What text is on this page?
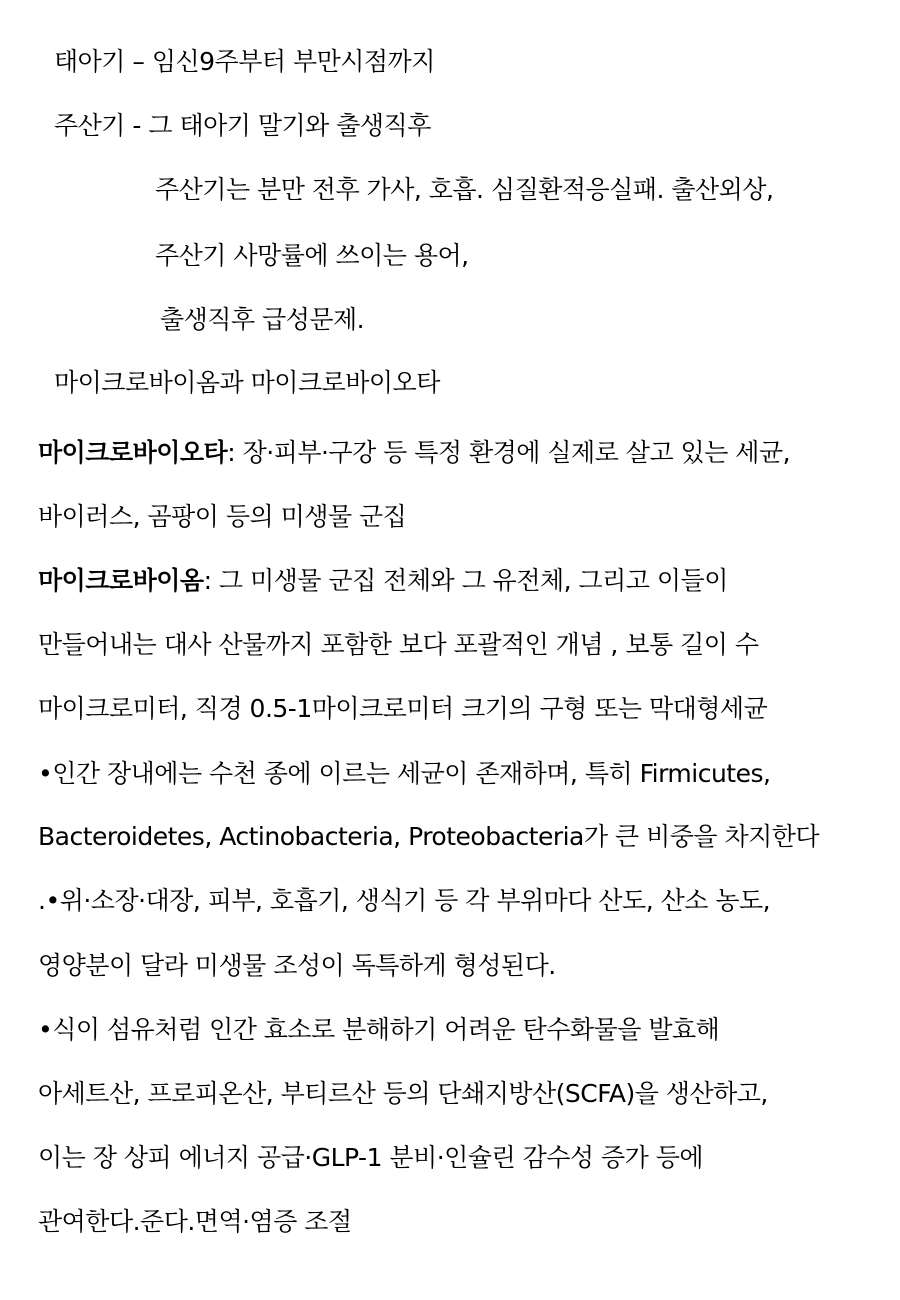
태아기 – 임신9주부터 부만시점까지
주산기 - 그 태아기 말기와 출생직후
주산기는 분만 전후 가사, 호흡. 심질환적응실패. 출산외상,
주산기 사망률에 쓰이는 용어,
출생직후 급성문제.
마이크로바이옴과 마이크로바이오타
마이크로바이오타: 장·피부·구강 등 특정 환경에 실제로 살고 있는 세균,
바이러스, 곰팡이 등의 미생물 군집
마이크로바이옴: 그 미생물 군집 전체와 그 유전체, 그리고 이들이
만들어내는 대사 산물까지 포함한 보다 포괄적인 개념 , 보통 길이 수
마이크로미터, 직경 0.5-1마이크로미터 크기의 구형 또는 막대형세균
•인간 장내에는 수천 종에 이르는 세균이 존재하며, 특히 Firmicutes,
Bacteroidetes, Actinobacteria, Proteobacteria가 큰 비중을 차지한다
.•위·소장·대장, 피부, 호흡기, 생식기 등 각 부위마다 산도, 산소 농도,
영양분이 달라 미생물 조성이 독특하게 형성된다.
•식이 섬유처럼 인간 효소로 분해하기 어려운 탄수화물을 발효해
아세트산, 프로피온산, 부티르산 등의 단쇄지방산(SCFA)을 생산하고,
이는 장 상피 에너지 공급·GLP-1 분비·인슐린 감수성 증가 등에
관여한다.준다.면역·염증 조절
